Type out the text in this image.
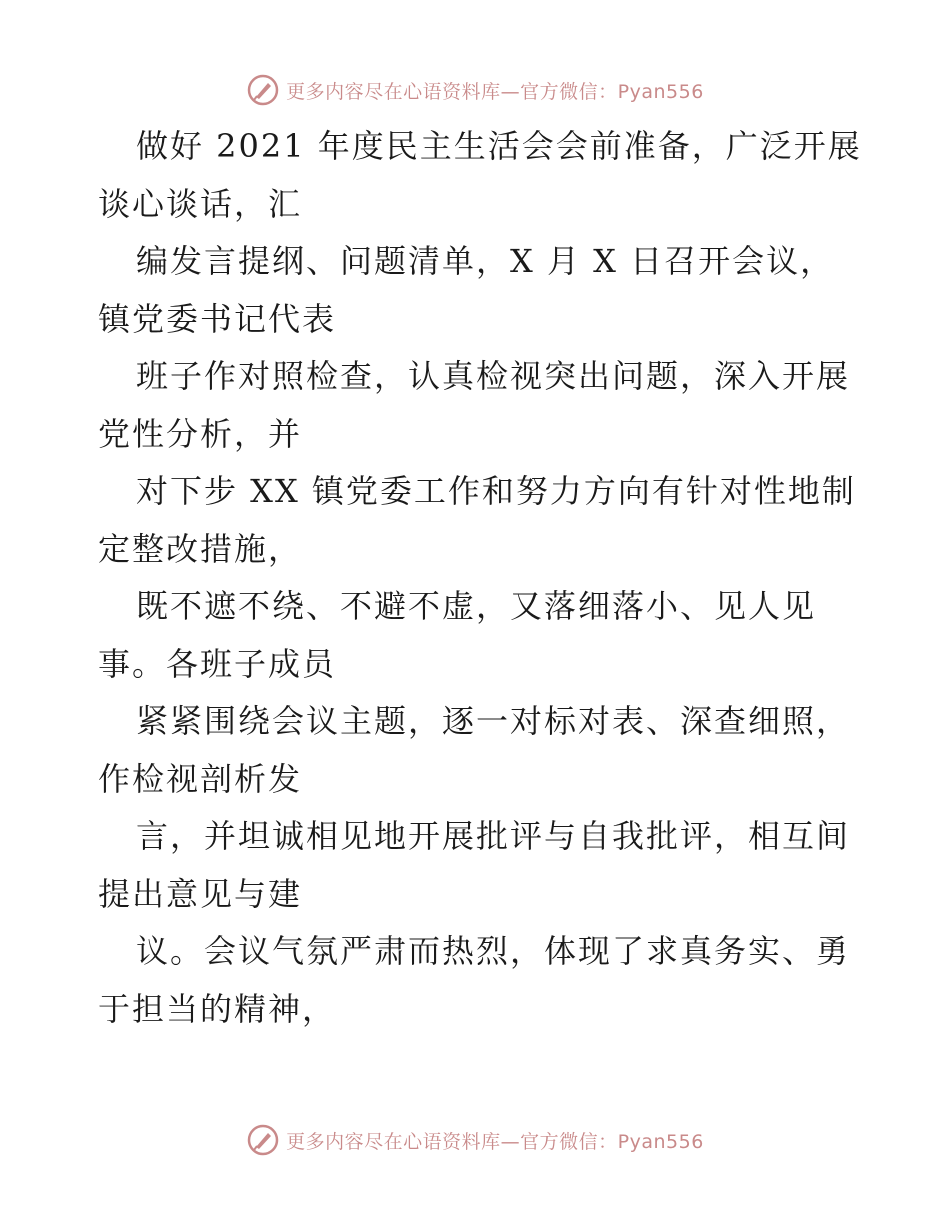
更多内容尽在心语资料库—官方微信：Pyan556

做好 2021 年度民主生活会会前准备，广泛开展

谈心谈话，汇

编发言提纲、问题清单，X 月 X 日召开会议，

镇党委书记代表

班子作对照检查，认真检视突出问题，深入开展

党性分析，并

对下步 XX 镇党委工作和努力方向有针对性地制

定整改措施，

既不遮不绕、不避不虚，又落细落小、见人见

事。各班子成员

紧紧围绕会议主题，逐一对标对表、深查细照，

作检视剖析发

言，并坦诚相见地开展批评与自我批评，相互间

提出意见与建

议。会议气氛严肃而热烈，体现了求真务实、勇

于担当的精神，

更多内容尽在心语资料库—官方微信：Pyan556
